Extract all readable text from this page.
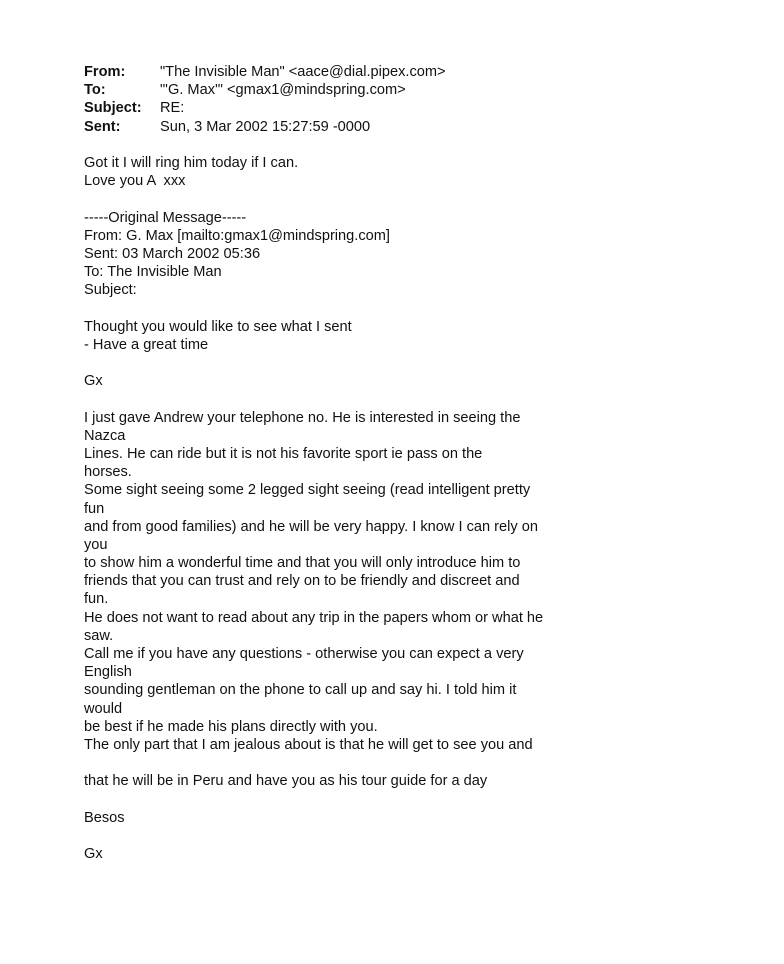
From:	"The Invisible Man" <aace@dial.pipex.com>
To:	"'G. Max'" <gmax1@mindspring.com>
Subject:	RE:
Sent:	Sun, 3 Mar 2002 15:27:59 -0000
Got it I will ring him today if I can.
Love you A  xxx
-----Original Message-----
From: G. Max [mailto:gmax1@mindspring.com]
Sent: 03 March 2002 05:36
To: The Invisible Man
Subject:
Thought you would like to see what I sent
- Have a great time
Gx
I just gave Andrew your telephone no. He is interested in seeing the
Nazca
Lines. He can ride but it is not his favorite sport ie pass on the
horses.
Some sight seeing some 2 legged sight seeing (read intelligent pretty
fun
and from good families) and he will be very happy. I know I can rely on
you
to show him a wonderful time and that you will only introduce him to
friends that you can trust and rely on to be friendly and discreet and
fun.
He does not want to read about any trip in the papers whom or what he
saw.
Call me if you have any questions - otherwise you can expect a very
English
sounding gentleman on the phone to call up and say hi. I told him it
would
be best if he made his plans directly with you.
The only part that I am jealous about is that he will get to see you and
that he will be in Peru and have you as his tour guide for a day
Besos
Gx
